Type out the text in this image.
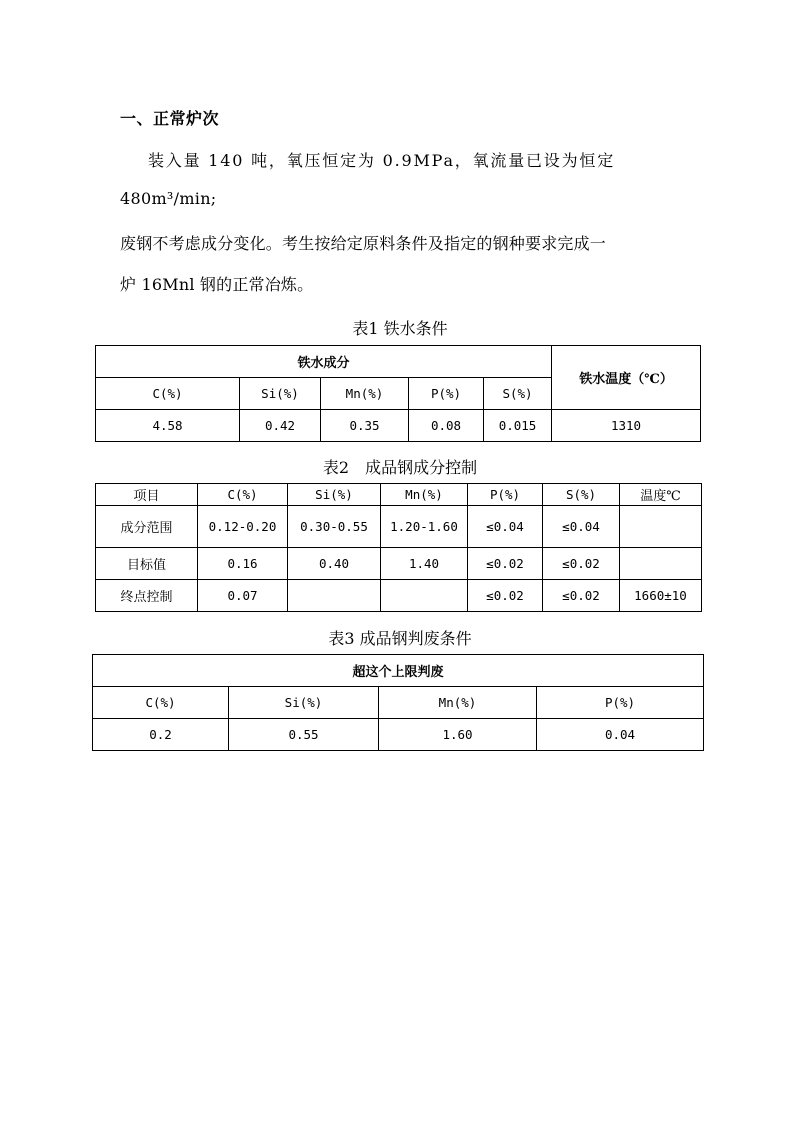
一、正常炉次
装入量 140 吨，氧压恒定为 0.9MPa，氧流量已设为恒定
480m³/min;
废钢不考虑成分变化。考生按给定原料条件及指定的钢种要求完成一
炉 16Mnl 钢的正常冶炼。
表1 铁水条件
铁水成分					铁水温度（℃）
C(%)	Si(%)	Mn(%)	P(%)	S(%)	
4.58	0.42	0.35	0.08	0.015	1310
表2　成品钢成分控制
项目	C(%)	Si(%)	Mn(%)	P(%)	S(%)	温度℃
成分范围	0.12-0.20	0.30-0.55	1.20-1.60	≤0.04	≤0.04	
目标值	0.16	0.40	1.40	≤0.02	≤0.02	
终点控制	0.07			≤0.02	≤0.02	1660±10
表3 成品钢判废条件
超这个上限判废			
C(%)	Si(%)	Mn(%)	P(%)
0.2	0.55	1.60	0.04
